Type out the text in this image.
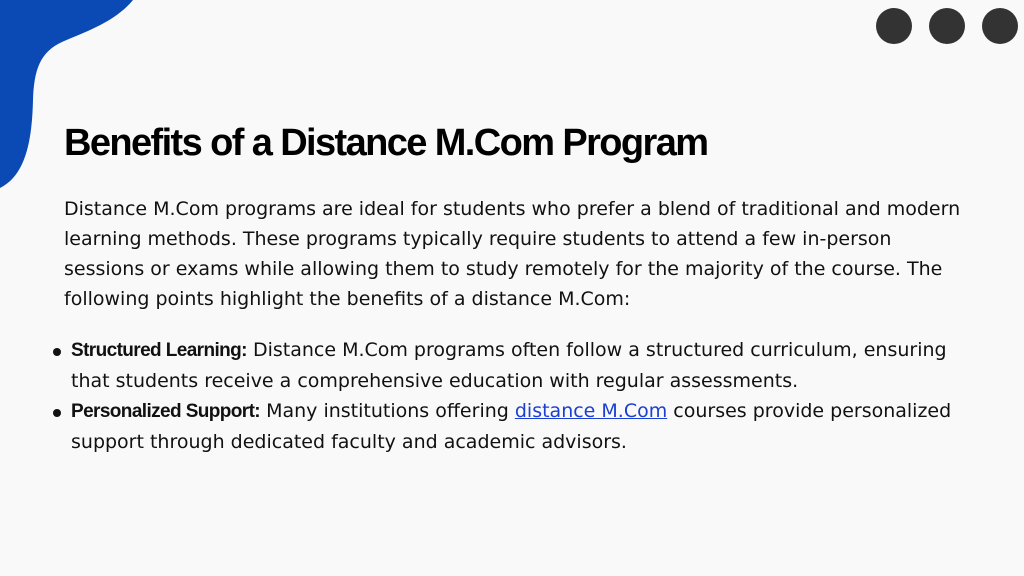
Benefits of a Distance M.Com Program

Distance M.Com programs are ideal for students who prefer a blend of traditional and modern learning methods. These programs typically require students to attend a few in-person sessions or exams while allowing them to study remotely for the majority of the course. The following points highlight the benefits of a distance M.Com:

Structured Learning: Distance M.Com programs often follow a structured curriculum, ensuring that students receive a comprehensive education with regular assessments.
Personalized Support: Many institutions offering distance M.Com courses provide personalized support through dedicated faculty and academic advisors.
